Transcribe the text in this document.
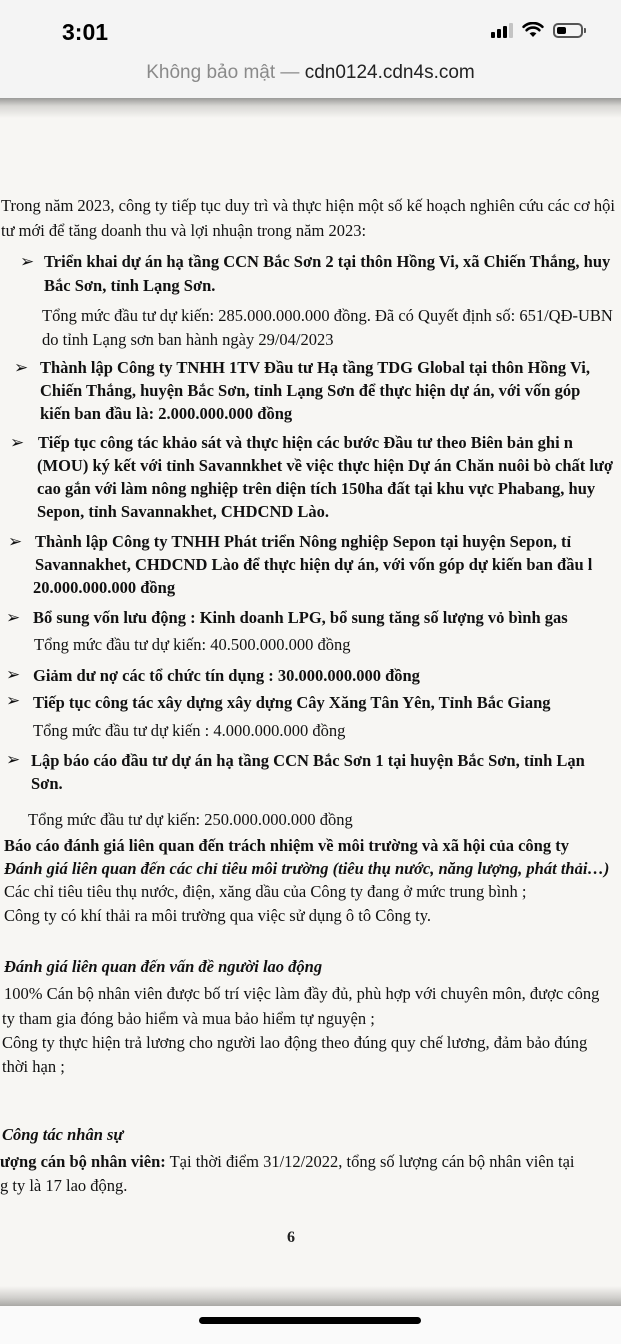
3:01
Không bảo mật — cdn0124.cdn4s.com
Trong năm 2023, công ty tiếp tục duy trì và thực hiện một số kế hoạch nghiên cứu các cơ hội
tư mới để tăng doanh thu và lợi nhuận trong năm 2023:
➢ Triển khai dự án hạ tầng CCN Bắc Sơn 2 tại thôn Hồng Vi, xã Chiến Thắng, huy
Bắc Sơn, tỉnh Lạng Sơn.
Tổng mức đầu tư dự kiến: 285.000.000.000 đồng. Đã có Quyết định số: 651/QĐ-UBN
do tỉnh Lạng sơn ban hành ngày 29/04/2023
➢ Thành lập Công ty TNHH 1TV Đầu tư Hạ tầng TDG Global tại thôn Hồng Vi,
Chiến Thắng, huyện Bắc Sơn, tỉnh Lạng Sơn để thực hiện dự án, với vốn góp
kiến ban đầu là: 2.000.000.000 đồng
➢ Tiếp tục công tác khảo sát và thực hiện các bước Đầu tư theo Biên bản ghi n
(MOU) ký kết với tỉnh Savannkhet về việc thực hiện Dự án Chăn nuôi bò chất lượ
cao gắn với làm nông nghiệp trên diện tích 150ha đất tại khu vực Phabang, huy
Sepon, tỉnh Savannakhet, CHDCND Lào.
➢ Thành lập Công ty TNHH Phát triển Nông nghiệp Sepon tại huyện Sepon, tỉ
Savannakhet, CHDCND Lào để thực hiện dự án, với vốn góp dự kiến ban đầu l
20.000.000.000 đồng
➢ Bổ sung vốn lưu động : Kinh doanh LPG, bổ sung tăng số lượng vỏ bình gas
Tổng mức đầu tư dự kiến: 40.500.000.000 đồng
➢ Giảm dư nợ các tổ chức tín dụng : 30.000.000.000 đồng
➢ Tiếp tục công tác xây dựng xây dựng Cây Xăng Tân Yên, Tỉnh Bắc Giang
Tổng mức đầu tư dự kiến : 4.000.000.000 đồng
➢ Lập báo cáo đầu tư dự án hạ tầng CCN Bắc Sơn 1 tại huyện Bắc Sơn, tỉnh Lạn
Sơn.
Tổng mức đầu tư dự kiến: 250.000.000.000 đồng
Báo cáo đánh giá liên quan đến trách nhiệm về môi trường và xã hội của công ty
Đánh giá liên quan đến các chỉ tiêu môi trường (tiêu thụ nước, năng lượng, phát thải…)
Các chỉ tiêu tiêu thụ nước, điện, xăng dầu của Công ty đang ở mức trung bình ;
Công ty có khí thải ra môi trường qua việc sử dụng ô tô Công ty.
Đánh giá liên quan đến vấn đề người lao động
100% Cán bộ nhân viên được bố trí việc làm đầy đủ, phù hợp với chuyên môn, được công
ty tham gia đóng bảo hiểm và mua bảo hiểm tự nguyện ;
Công ty thực hiện trả lương cho người lao động theo đúng quy chế lương, đảm bảo đúng
thời hạn ;
Công tác nhân sự
ượng cán bộ nhân viên: Tại thời điểm 31/12/2022, tổng số lượng cán bộ nhân viên tại
g ty là 17 lao động.
6
